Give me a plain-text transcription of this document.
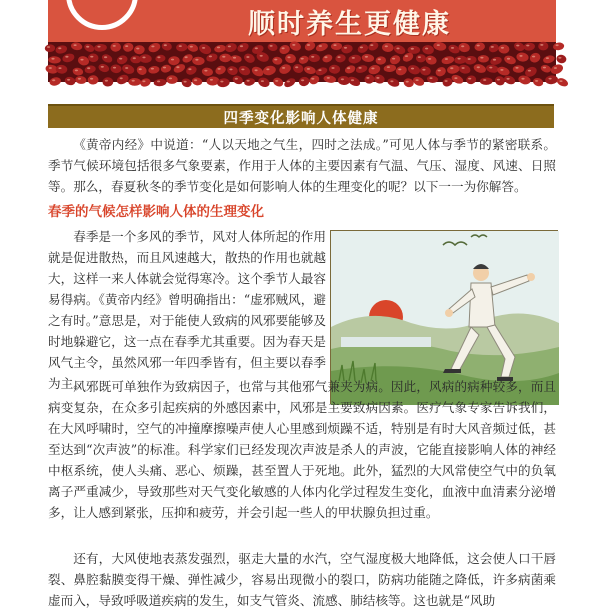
顺时养生更健康
四季变化影响人体健康

《黄帝内经》中说道：“人以天地之气生，四时之法成。”可见人体与季节的紧密联系。季节气候环境包括很多气象要素，作用于人体的主要因素有气温、气压、湿度、风速、日照等。那么，春夏秋冬的季节变化是如何影响人体的生理变化的呢？以下一一为你解答。

春季的气候怎样影响人体的生理变化

春季是一个多风的季节，风对人体所起的作用就是促进散热，而且风速越大，散热的作用也就越大，这样一来人体就会觉得寒冷。这个季节人最容易得病。《黄帝内经》曾明确指出：“虚邪贼风，避之有时。”意思是，对于能使人致病的风邪要能够及时地躲避它，这一点在春季尤其重要。因为春天是风气主令，虽然风邪一年四季皆有，但主要以春季为主。

风邪既可单独作为致病因子，也常与其他邪气兼夹为病。因此，风病的病种较多，而且病变复杂，在众多引起疾病的外感因素中，风邪是主要致病因素。医疗气象专家告诉我们，在大风呼啸时，空气的冲撞摩擦噪声使人心里感到烦躁不适，特别是有时大风音频过低，甚至达到“次声波”的标准。科学家们已经发现次声波是杀人的声波，它能直接影响人体的神经中枢系统，使人头痛、恶心、烦躁，甚至置人于死地。此外，猛烈的大风常使空气中的负氧离子严重减少，导致那些对天气变化敏感的人体内化学过程发生变化，血液中血清素分泌增多，让人感到紧张，压抑和疲劳，并会引起一些人的甲状腺负担过重。

还有，大风使地表蒸发强烈，驱走大量的水汽，空气湿度极大地降低，这会使人口干唇裂、鼻腔黏膜变得干燥、弹性减少，容易出现微小的裂口，防病功能随之降低，许多病菌乘虚而入，导致呼吸道疾病的发生，如支气管炎、流感、肺结核等。这也就是“风助
